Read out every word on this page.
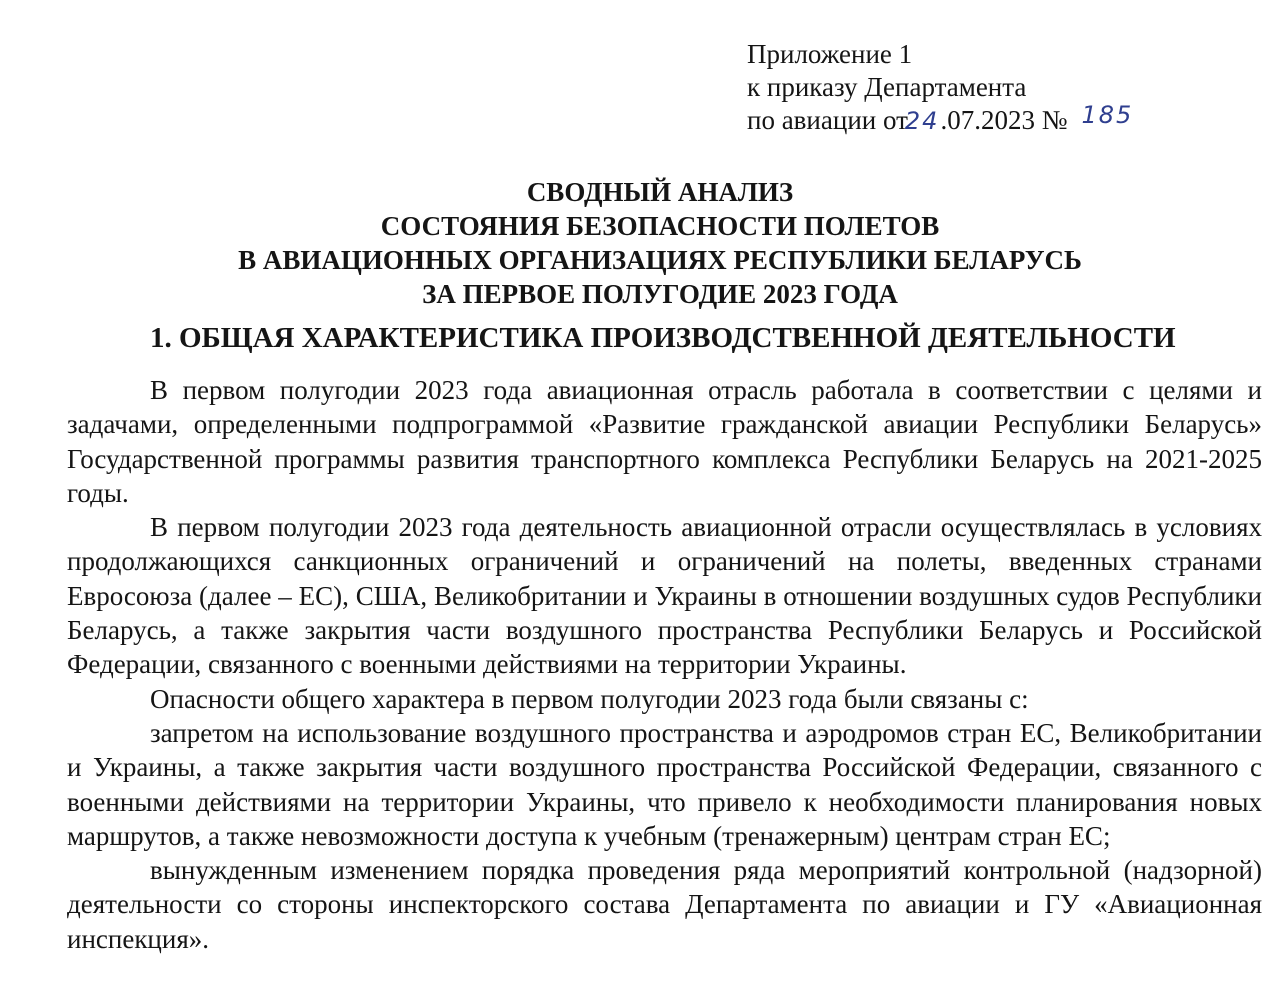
Приложение 1
к приказу Департамента
по авиации от24.07.2023 № 185
СВОДНЫЙ АНАЛИЗ
СОСТОЯНИЯ БЕЗОПАСНОСТИ ПОЛЕТОВ
В АВИАЦИОННЫХ ОРГАНИЗАЦИЯХ РЕСПУБЛИКИ БЕЛАРУСЬ
ЗА ПЕРВОЕ ПОЛУГОДИЕ 2023 ГОДА
1. ОБЩАЯ ХАРАКТЕРИСТИКА ПРОИЗВОДСТВЕННОЙ ДЕЯТЕЛЬНОСТИ

В первом полугодии 2023 года авиационная отрасль работала в соответствии с целями и задачами, определенными подпрограммой «Развитие гражданской авиации Республики Беларусь» Государственной программы развития транспортного комплекса Республики Беларусь на 2021-2025 годы.

В первом полугодии 2023 года деятельность авиационной отрасли осуществлялась в условиях продолжающихся санкционных ограничений и ограничений на полеты, введенных странами Евросоюза (далее – ЕС), США, Великобритании и Украины в отношении воздушных судов Республики Беларусь, а также закрытия части воздушного пространства Республики Беларусь и Российской Федерации, связанного с военными действиями на территории Украины.

Опасности общего характера в первом полугодии 2023 года были связаны с:

запретом на использование воздушного пространства и аэродромов стран ЕС, Великобритании и Украины, а также закрытия части воздушного пространства Российской Федерации, связанного с военными действиями на территории Украины, что привело к необходимости планирования новых маршрутов, а также невозможности доступа к учебным (тренажерным) центрам стран ЕС;

вынужденным изменением порядка проведения ряда мероприятий контрольной (надзорной) деятельности со стороны инспекторского состава Департамента по авиации и ГУ «Авиационная инспекция».
